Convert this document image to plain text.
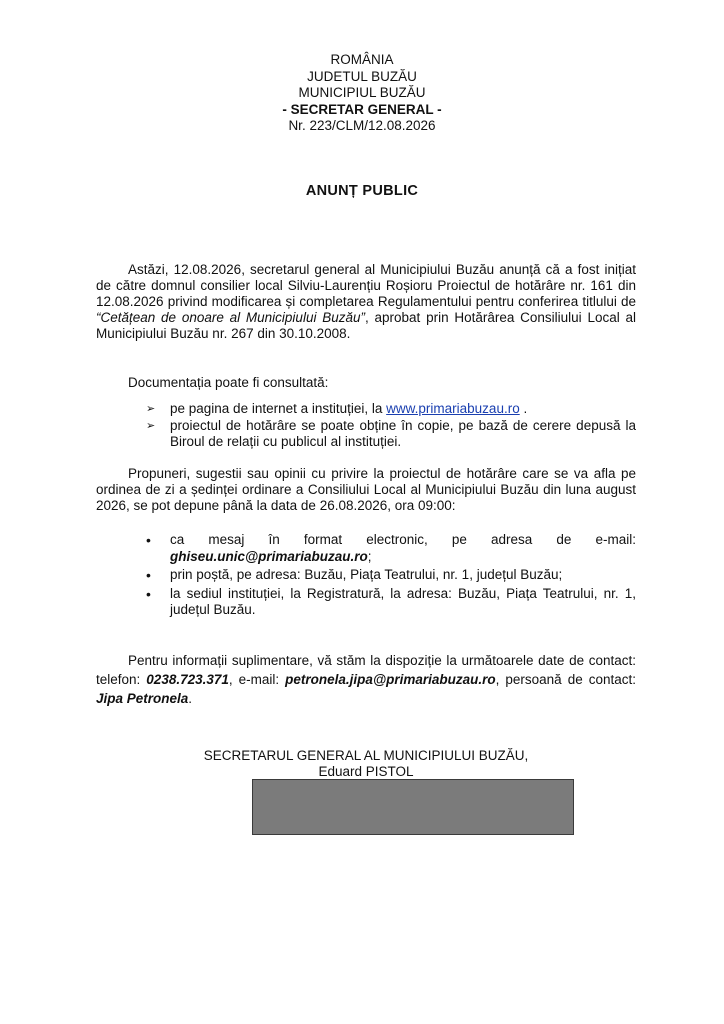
ROMÂNIA
JUDETUL BUZĂU
MUNICIPIUL BUZĂU
- SECRETAR GENERAL -
Nr. 223/CLM/12.08.2026
ANUNȚ PUBLIC
Astăzi, 12.08.2026, secretarul general al Municipiului Buzău anunță că a fost inițiat de către domnul consilier local Silviu-Laurențiu Roșioru Proiectul de hotărâre nr. 161 din 12.08.2026 privind modificarea și completarea Regulamentului pentru conferirea titlului de “Cetățean de onoare al Municipiului Buzău”, aprobat prin Hotărârea Consiliului Local al Municipiului Buzău nr. 267 din 30.10.2008.
Documentația poate fi consultată:
➢ pe pagina de internet a instituției, la www.primariabuzau.ro .
➢ proiectul de hotărâre se poate obține în copie, pe bază de cerere depusă la Biroul de relații cu publicul al instituției.
Propuneri, sugestii sau opinii cu privire la proiectul de hotărâre care se va afla pe ordinea de zi a ședinței ordinare a Consiliului Local al Municipiului Buzău din luna august 2026, se pot depune până la data de 26.08.2026, ora 09:00:
• ca mesaj în format electronic, pe adresa de e-mail: ghiseu.unic@primariabuzau.ro;
• prin poștă, pe adresa: Buzău, Piața Teatrului, nr. 1, județul Buzău;
• la sediul instituției, la Registratură, la adresa: Buzău, Piața Teatrului, nr. 1, județul Buzău.
Pentru informații suplimentare, vă stăm la dispoziție la următoarele date de contact: telefon: 0238.723.371, e-mail: petronela.jipa@primariabuzau.ro, persoană de contact: Jipa Petronela.
SECRETARUL GENERAL AL MUNICIPIULUI BUZĂU,
Eduard PISTOL
